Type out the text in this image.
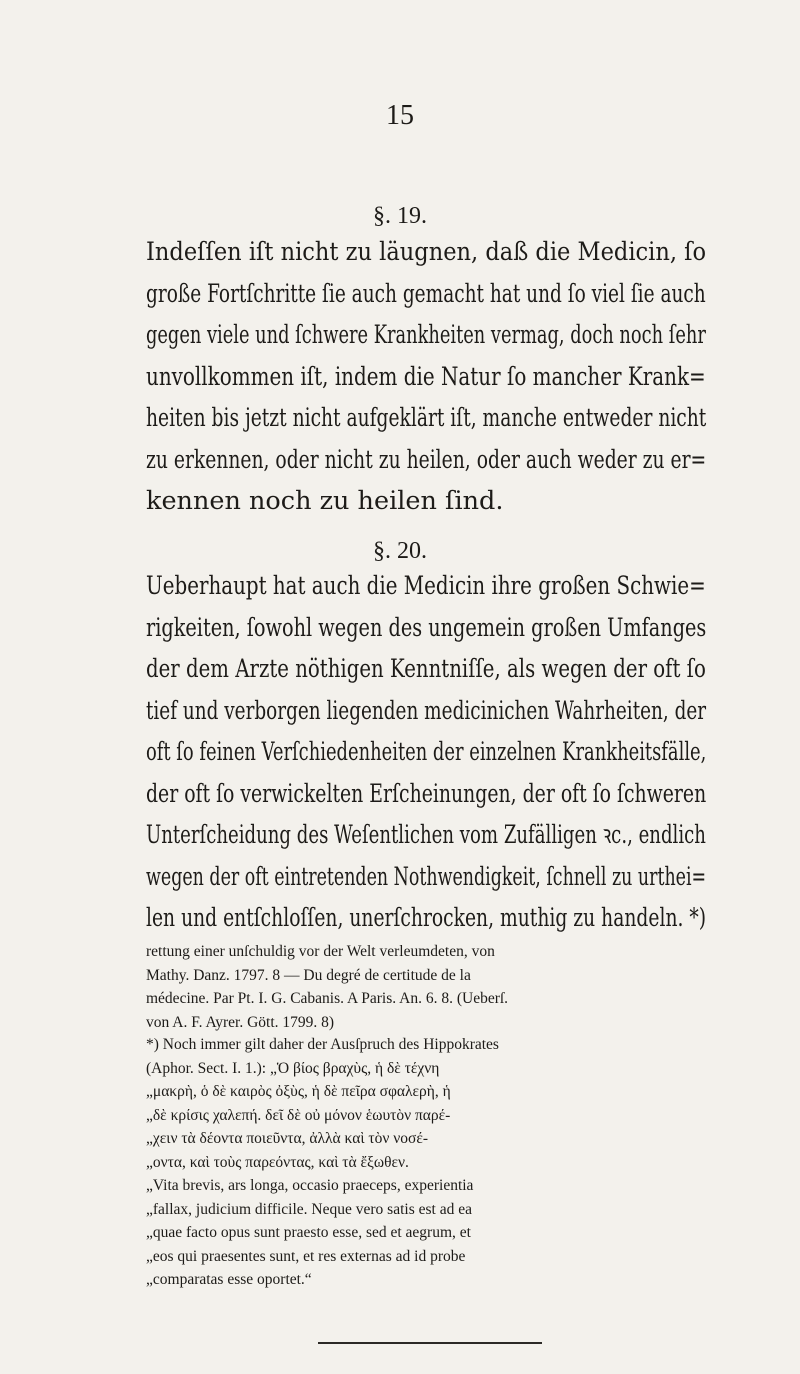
15
§. 19.
Indeſſen iſt nicht zu läugnen, daß die Medicin, ſo
große Fortſchritte ſie auch gemacht hat und ſo viel ſie auch
gegen viele und ſchwere Krankheiten vermag, doch noch ſehr
unvollkommen iſt, indem die Natur ſo mancher Krank=
heiten bis jetzt nicht aufgeklärt iſt, manche entweder nicht
zu erkennen, oder nicht zu heilen, oder auch weder zu er=
kennen noch zu heilen ſind.
§. 20.
Ueberhaupt hat auch die Medicin ihre großen Schwie=
rigkeiten, ſowohl wegen des ungemein großen Umfanges
der dem Arzte nöthigen Kenntniſſe, als wegen der oft ſo
tief und verborgen liegenden medicinichen Wahrheiten, der
oft ſo feinen Verſchiedenheiten der einzelnen Krankheitsfälle,
der oft ſo verwickelten Erſcheinungen, der oft ſo ſchweren
Unterſcheidung des Weſentlichen vom Zufälligen ꝛc., endlich
wegen der oft eintretenden Nothwendigkeit, ſchnell zu urthei=
len und entſchloſſen, unerſchrocken, muthig zu handeln. *)
rettung einer unſchuldig vor der Welt verleumdeten, von
Mathy. Danz. 1797. 8 — Du degré de certitude de la
médecine. Par Pt. I. G. Cabanis. A Paris. An. 6. 8. (Ueberſ.
von A. F. Ayrer. Gött. 1799. 8)
*) Noch immer gilt daher der Ausſpruch des Hippokrates
(Aphor. Sect. I. 1.): „Ὁ βίος βραχὺς, ἡ δὲ τέχνη
„μακρὴ, ὁ δὲ καιρὸς ὀξὺς, ἡ δὲ πεῖρα σφαλερὴ, ἡ
„δὲ κρίσις χαλεπή. δεῖ δὲ οὐ μόνον ἑωυτὸν παρέ-
„χειν τὰ δέοντα ποιεῦντα, ἀλλὰ καὶ τὸν νοσέ-
„οντα, καὶ τοὺς παρεόντας, καὶ τὰ ἔξωθεν.
„Vita brevis, ars longa, occasio praeceps, experientia
„fallax, judicium difficile. Neque vero satis est ad ea
„quae facto opus sunt praesto esse, sed et aegrum, et
„eos qui praesentes sunt, et res externas ad id probe
„comparatas esse oportet.“
